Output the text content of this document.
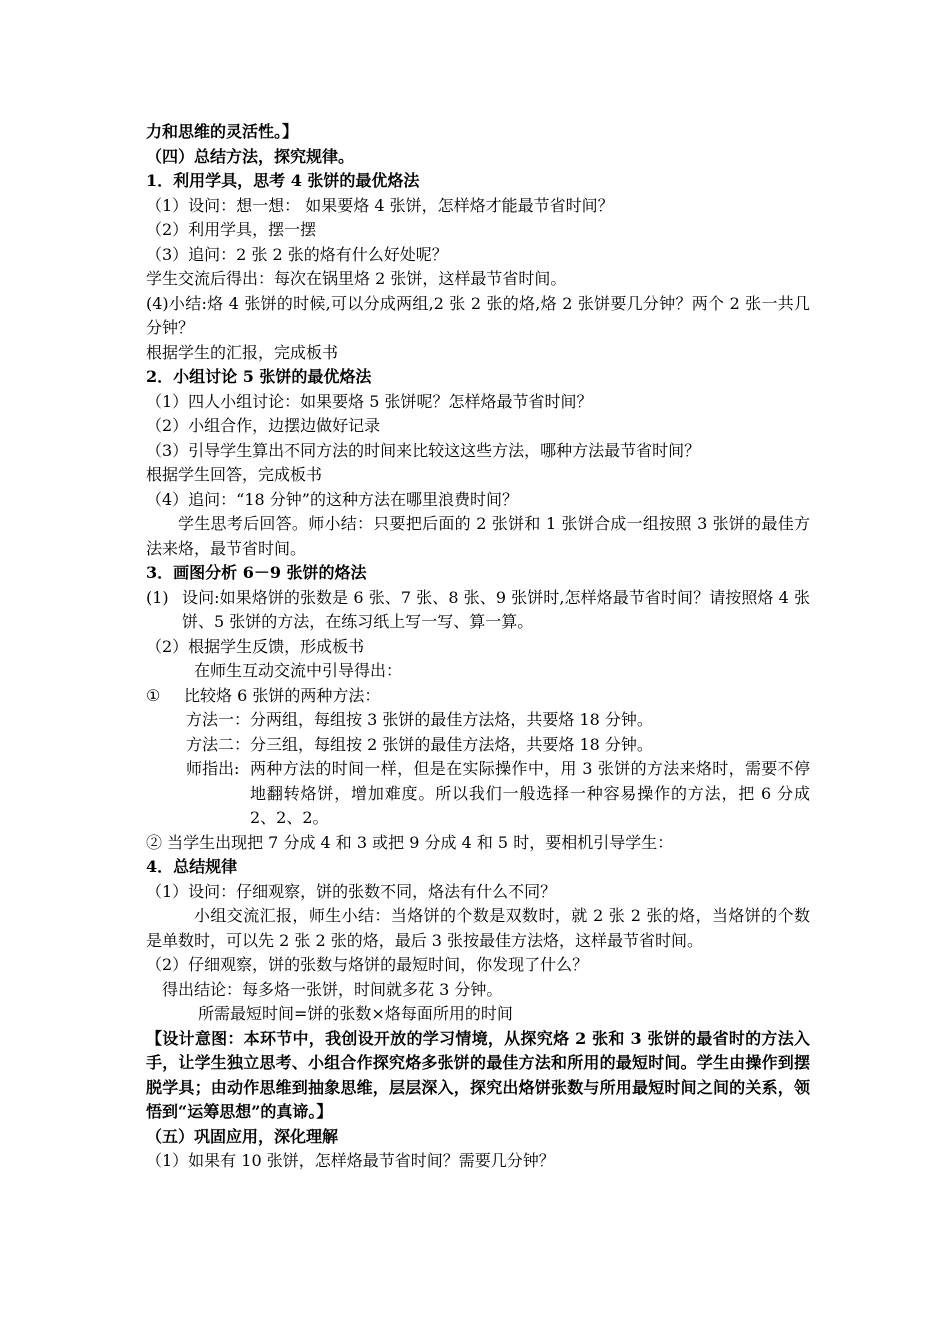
力和思维的灵活性。】
（四）总结方法，探究规律。
1．利用学具，思考 4 张饼的最优烙法
（1）设问：想一想： 如果要烙 4 张饼，怎样烙才能最节省时间？
（2）利用学具，摆一摆
（3）追问：2 张 2 张的烙有什么好处呢？
学生交流后得出：每次在锅里烙 2 张饼，这样最节省时间。
(4)小结:烙 4 张饼的时候,可以分成两组,2 张 2 张的烙,烙 2 张饼要几分钟？两个 2 张一共几分钟？
根据学生的汇报，完成板书
2．小组讨论 5 张饼的最优烙法
（1）四人小组讨论：如果要烙 5 张饼呢？怎样烙最节省时间？
（2）小组合作，边摆边做好记录
（3）引导学生算出不同方法的时间来比较这这些方法，哪种方法最节省时间？
根据学生回答，完成板书
（4）追问：“18 分钟”的这种方法在哪里浪费时间？
学生思考后回答。师小结：只要把后面的 2 张饼和 1 张饼合成一组按照 3 张饼的最佳方法来烙，最节省时间。
3．画图分析 6－9 张饼的烙法
(1) 设问:如果烙饼的张数是 6 张、7 张、8 张、9 张饼时,怎样烙最节省时间？请按照烙 4 张饼、5 张饼的方法，在练习纸上写一写、算一算。
（2）根据学生反馈，形成板书
在师生互动交流中引导得出：
① 比较烙 6 张饼的两种方法：
方法一：分两组，每组按 3 张饼的最佳方法烙，共要烙 18 分钟。
方法二：分三组，每组按 2 张饼的最佳方法烙，共要烙 18 分钟。
师指出: 两种方法的时间一样，但是在实际操作中，用 3 张饼的方法来烙时，需要不停地翻转烙饼，增加难度。所以我们一般选择一种容易操作的方法，把 6 分成 2、2、2。
② 当学生出现把 7 分成 4 和 3 或把 9 分成 4 和 5 时，要相机引导学生：
4．总结规律
（1）设问：仔细观察，饼的张数不同，烙法有什么不同？
小组交流汇报，师生小结：当烙饼的个数是双数时，就 2 张 2 张的烙，当烙饼的个数是单数时，可以先 2 张 2 张的烙，最后 3 张按最佳方法烙，这样最节省时间。
（2）仔细观察，饼的张数与烙饼的最短时间，你发现了什么？
得出结论：每多烙一张饼，时间就多花 3 分钟。
所需最短时间=饼的张数×烙每面所用的时间
【设计意图：本环节中，我创设开放的学习情境，从探究烙 2 张和 3 张饼的最省时的方法入手，让学生独立思考、小组合作探究烙多张饼的最佳方法和所用的最短时间。学生由操作到摆脱学具；由动作思维到抽象思维，层层深入，探究出烙饼张数与所用最短时间之间的关系，领悟到“运筹思想”的真谛。】
（五）巩固应用，深化理解
（1）如果有 10 张饼，怎样烙最节省时间？需要几分钟？
